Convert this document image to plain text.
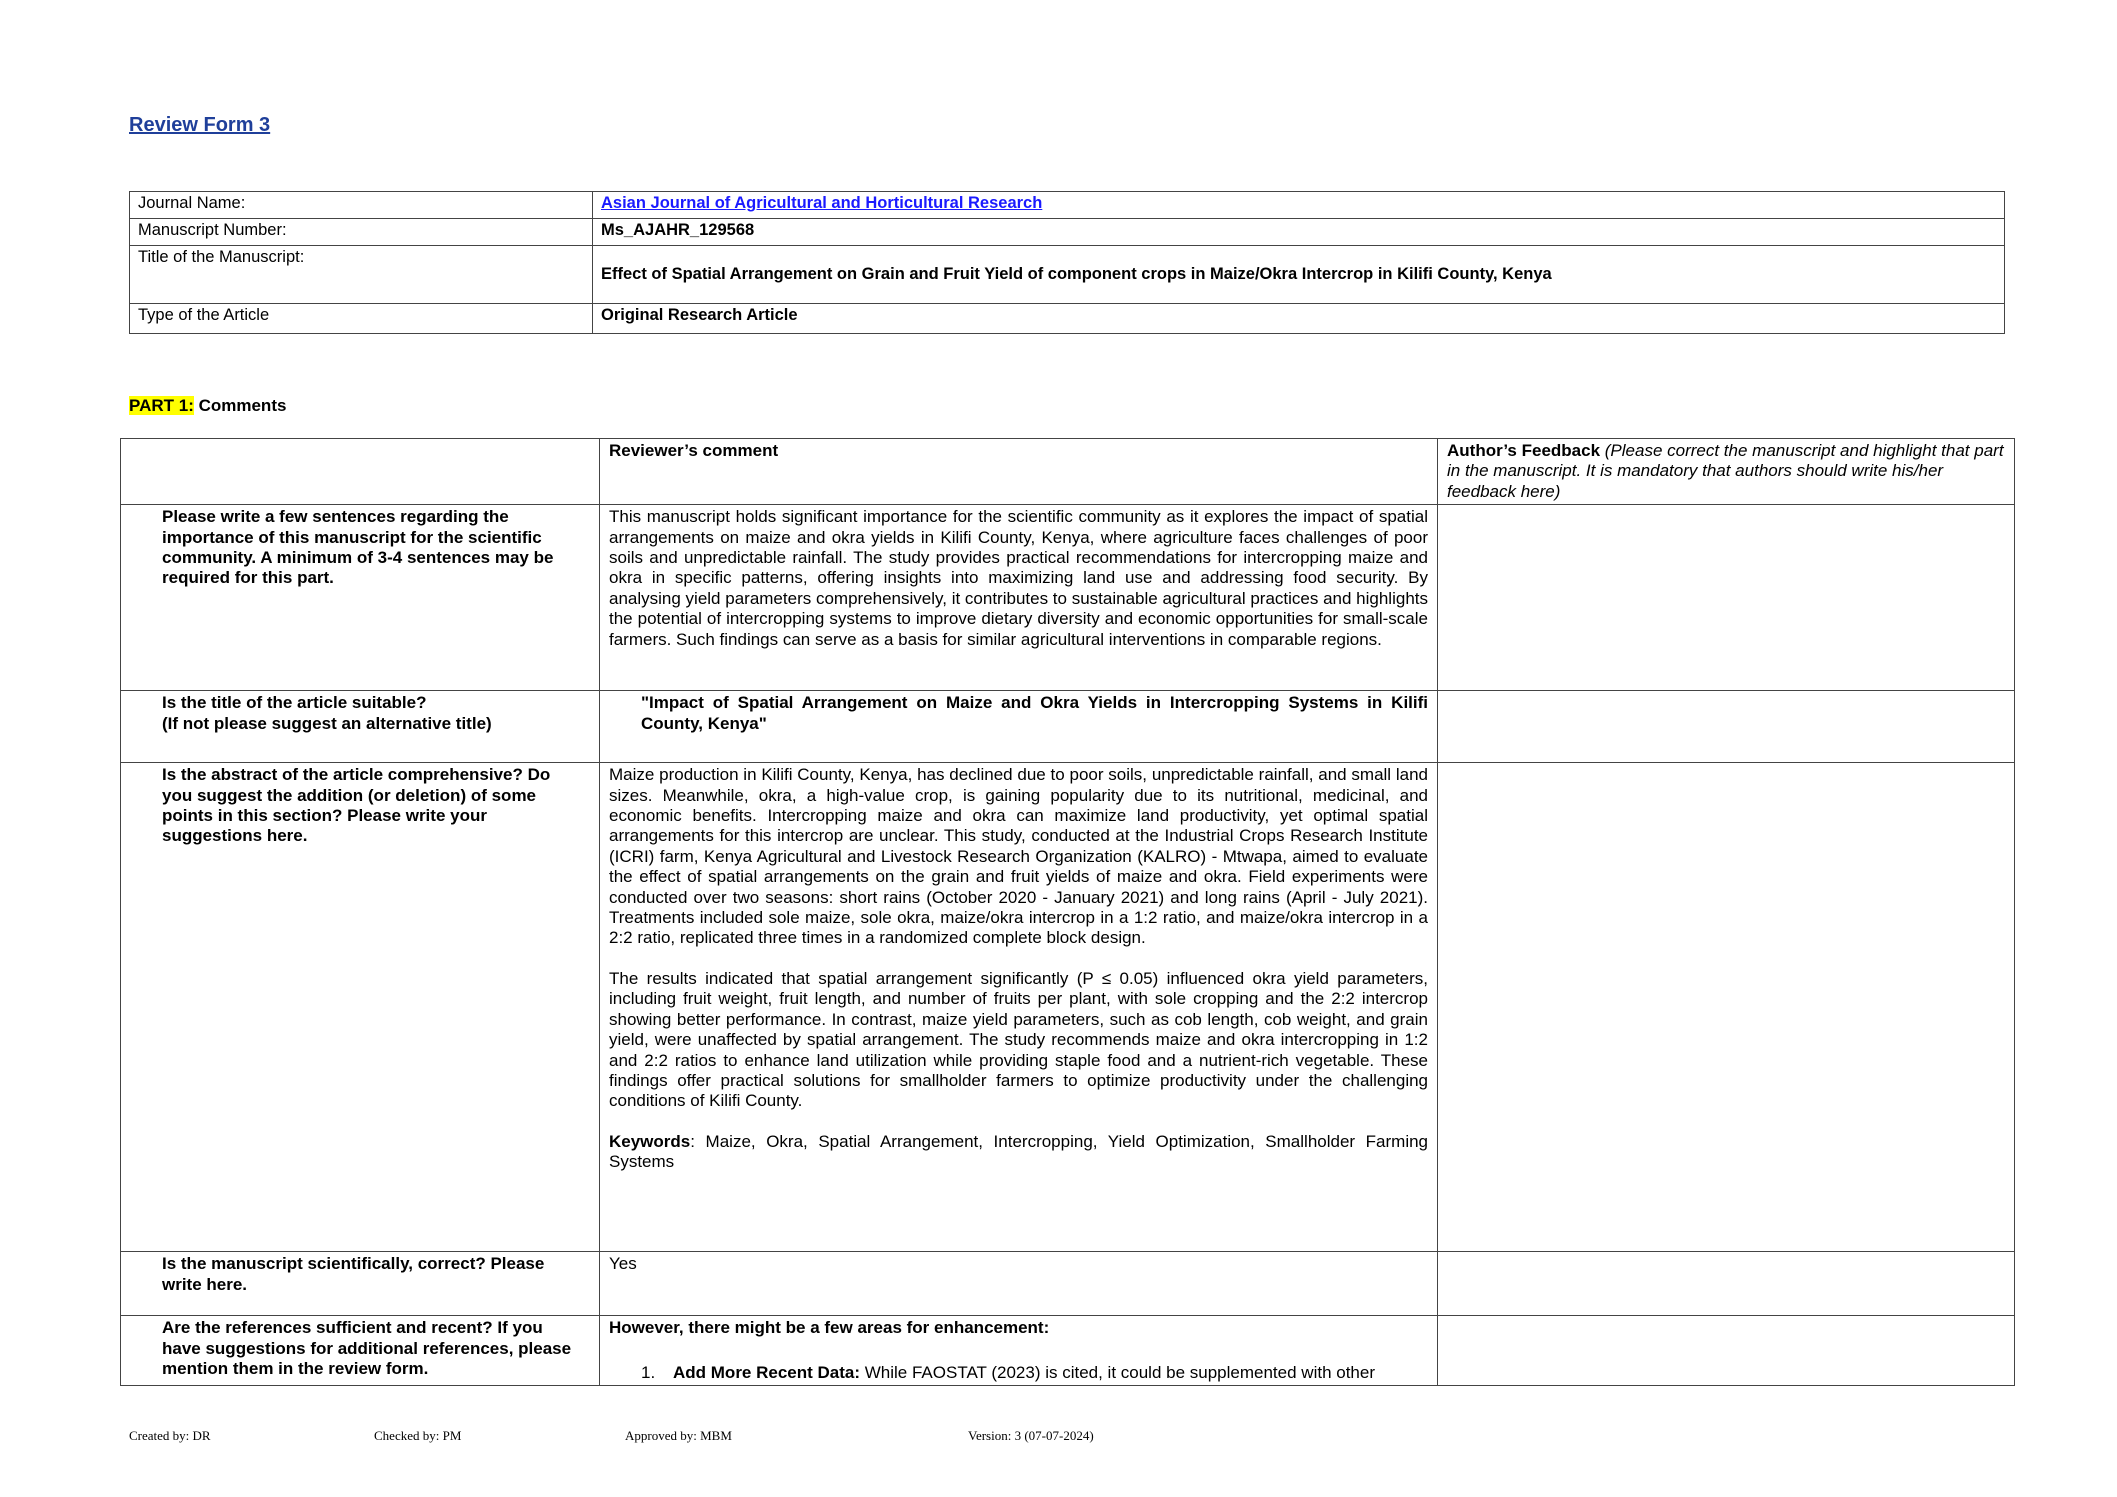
Review Form 3
Journal Name:	Asian Journal of Agricultural and Horticultural Research
Manuscript Number:	Ms_AJAHR_129568
Title of the Manuscript:	Effect of Spatial Arrangement on Grain and Fruit Yield of component crops in Maize/Okra Intercrop in Kilifi County, Kenya
Type of the Article	Original Research Article
PART 1: Comments
	Reviewer’s comment	Author’s Feedback (Please correct the manuscript and highlight that part in the manuscript. It is mandatory that authors should write his/her feedback here)
Please write a few sentences regarding the importance of this manuscript for the scientific community. A minimum of 3-4 sentences may be required for this part.	This manuscript holds significant importance for the scientific community as it explores the impact of spatial arrangements on maize and okra yields in Kilifi County, Kenya, where agriculture faces challenges of poor soils and unpredictable rainfall. The study provides practical recommendations for intercropping maize and okra in specific patterns, offering insights into maximizing land use and addressing food security. By analysing yield parameters comprehensively, it contributes to sustainable agricultural practices and highlights the potential of intercropping systems to improve dietary diversity and economic opportunities for small-scale farmers. Such findings can serve as a basis for similar agricultural interventions in comparable regions.	
Is the title of the article suitable?
(If not please suggest an alternative title)	"Impact of Spatial Arrangement on Maize and Okra Yields in Intercropping Systems in Kilifi County, Kenya"	
Is the abstract of the article comprehensive? Do you suggest the addition (or deletion) of some points in this section? Please write your suggestions here.	Maize production in Kilifi County, Kenya, has declined due to poor soils, unpredictable rainfall, and small land sizes. Meanwhile, okra, a high-value crop, is gaining popularity due to its nutritional, medicinal, and economic benefits. Intercropping maize and okra can maximize land productivity, yet optimal spatial arrangements for this intercrop are unclear. This study, conducted at the Industrial Crops Research Institute (ICRI) farm, Kenya Agricultural and Livestock Research Organization (KALRO) - Mtwapa, aimed to evaluate the effect of spatial arrangements on the grain and fruit yields of maize and okra. Field experiments were conducted over two seasons: short rains (October 2020 - January 2021) and long rains (April - July 2021). Treatments included sole maize, sole okra, maize/okra intercrop in a 1:2 ratio, and maize/okra intercrop in a 2:2 ratio, replicated three times in a randomized complete block design.

The results indicated that spatial arrangement significantly (P ≤ 0.05) influenced okra yield parameters, including fruit weight, fruit length, and number of fruits per plant, with sole cropping and the 2:2 intercrop showing better performance. In contrast, maize yield parameters, such as cob length, cob weight, and grain yield, were unaffected by spatial arrangement. The study recommends maize and okra intercropping in 1:2 and 2:2 ratios to enhance land utilization while providing staple food and a nutrient-rich vegetable. These findings offer practical solutions for smallholder farmers to optimize productivity under the challenging conditions of Kilifi County.

Keywords: Maize, Okra, Spatial Arrangement, Intercropping, Yield Optimization, Smallholder Farming Systems	

Is the manuscript scientifically, correct? Please write here.	Yes	
Are the references sufficient and recent? If you have suggestions for additional references, please mention them in the review form.	However, there might be a few areas for enhancement:
1. Add More Recent Data: While FAOSTAT (2023) is cited, it could be supplemented with other	

Created by: DR	Checked by: PM	Approved by: MBM	Version: 3 (07-07-2024)
